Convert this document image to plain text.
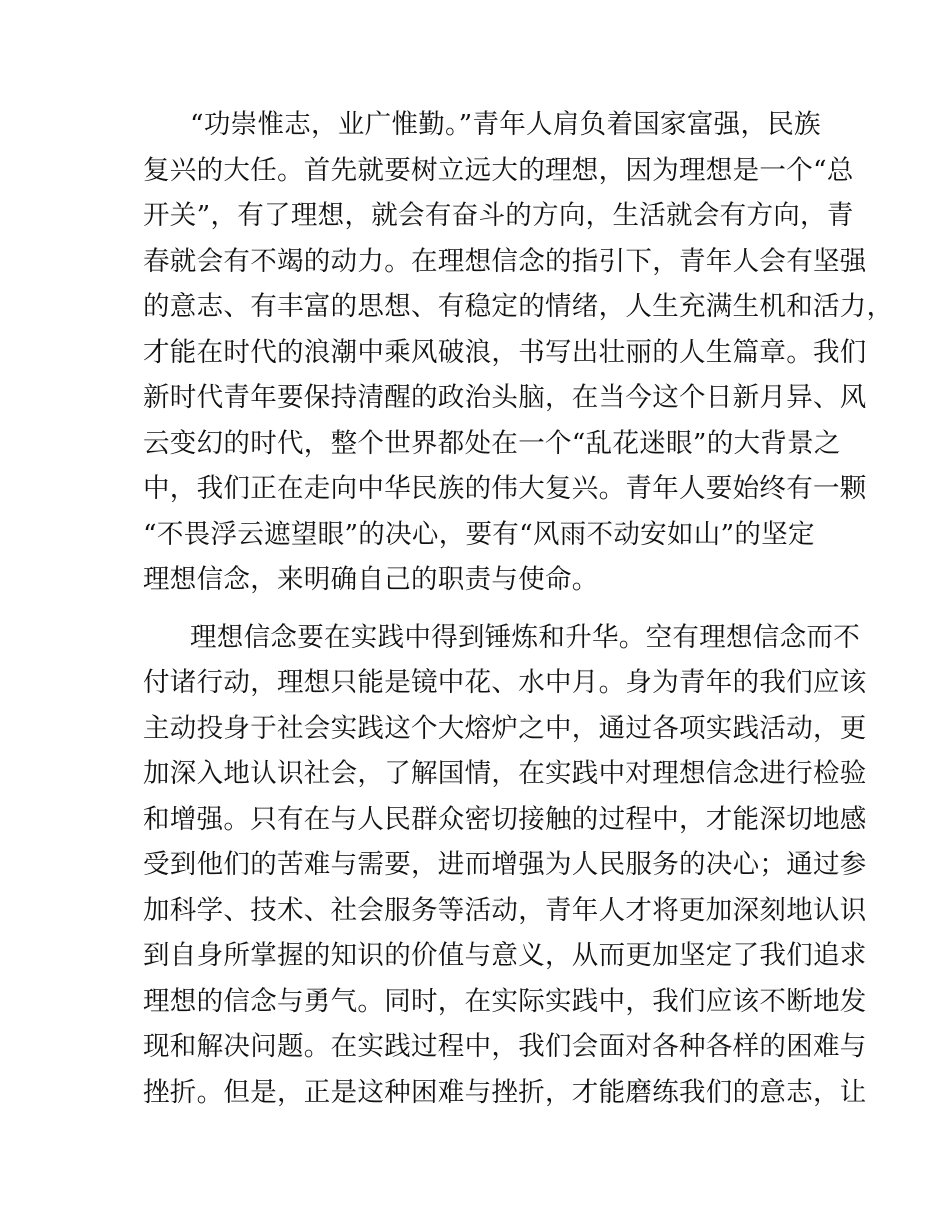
“功崇惟志，业广惟勤。”青年人肩负着国家富强，民族
复兴的大任。首先就要树立远大的理想，因为理想是一个“总
开关”，有了理想，就会有奋斗的方向，生活就会有方向，青
春就会有不竭的动力。在理想信念的指引下，青年人会有坚强
的意志、有丰富的思想、有稳定的情绪，人生充满生机和活力，
才能在时代的浪潮中乘风破浪，书写出壮丽的人生篇章。我们
新时代青年要保持清醒的政治头脑，在当今这个日新月异、风
云变幻的时代，整个世界都处在一个“乱花迷眼”的大背景之
中，我们正在走向中华民族的伟大复兴。青年人要始终有一颗
“不畏浮云遮望眼”的决心，要有“风雨不动安如山”的坚定
理想信念，来明确自己的职责与使命。
理想信念要在实践中得到锤炼和升华。空有理想信念而不
付诸行动，理想只能是镜中花、水中月。身为青年的我们应该
主动投身于社会实践这个大熔炉之中，通过各项实践活动，更
加深入地认识社会，了解国情，在实践中对理想信念进行检验
和增强。只有在与人民群众密切接触的过程中，才能深切地感
受到他们的苦难与需要，进而增强为人民服务的决心；通过参
加科学、技术、社会服务等活动，青年人才将更加深刻地认识
到自身所掌握的知识的价值与意义，从而更加坚定了我们追求
理想的信念与勇气。同时，在实际实践中，我们应该不断地发
现和解决问题。在实践过程中，我们会面对各种各样的困难与
挫折。但是，正是这种困难与挫折，才能磨练我们的意志，让
